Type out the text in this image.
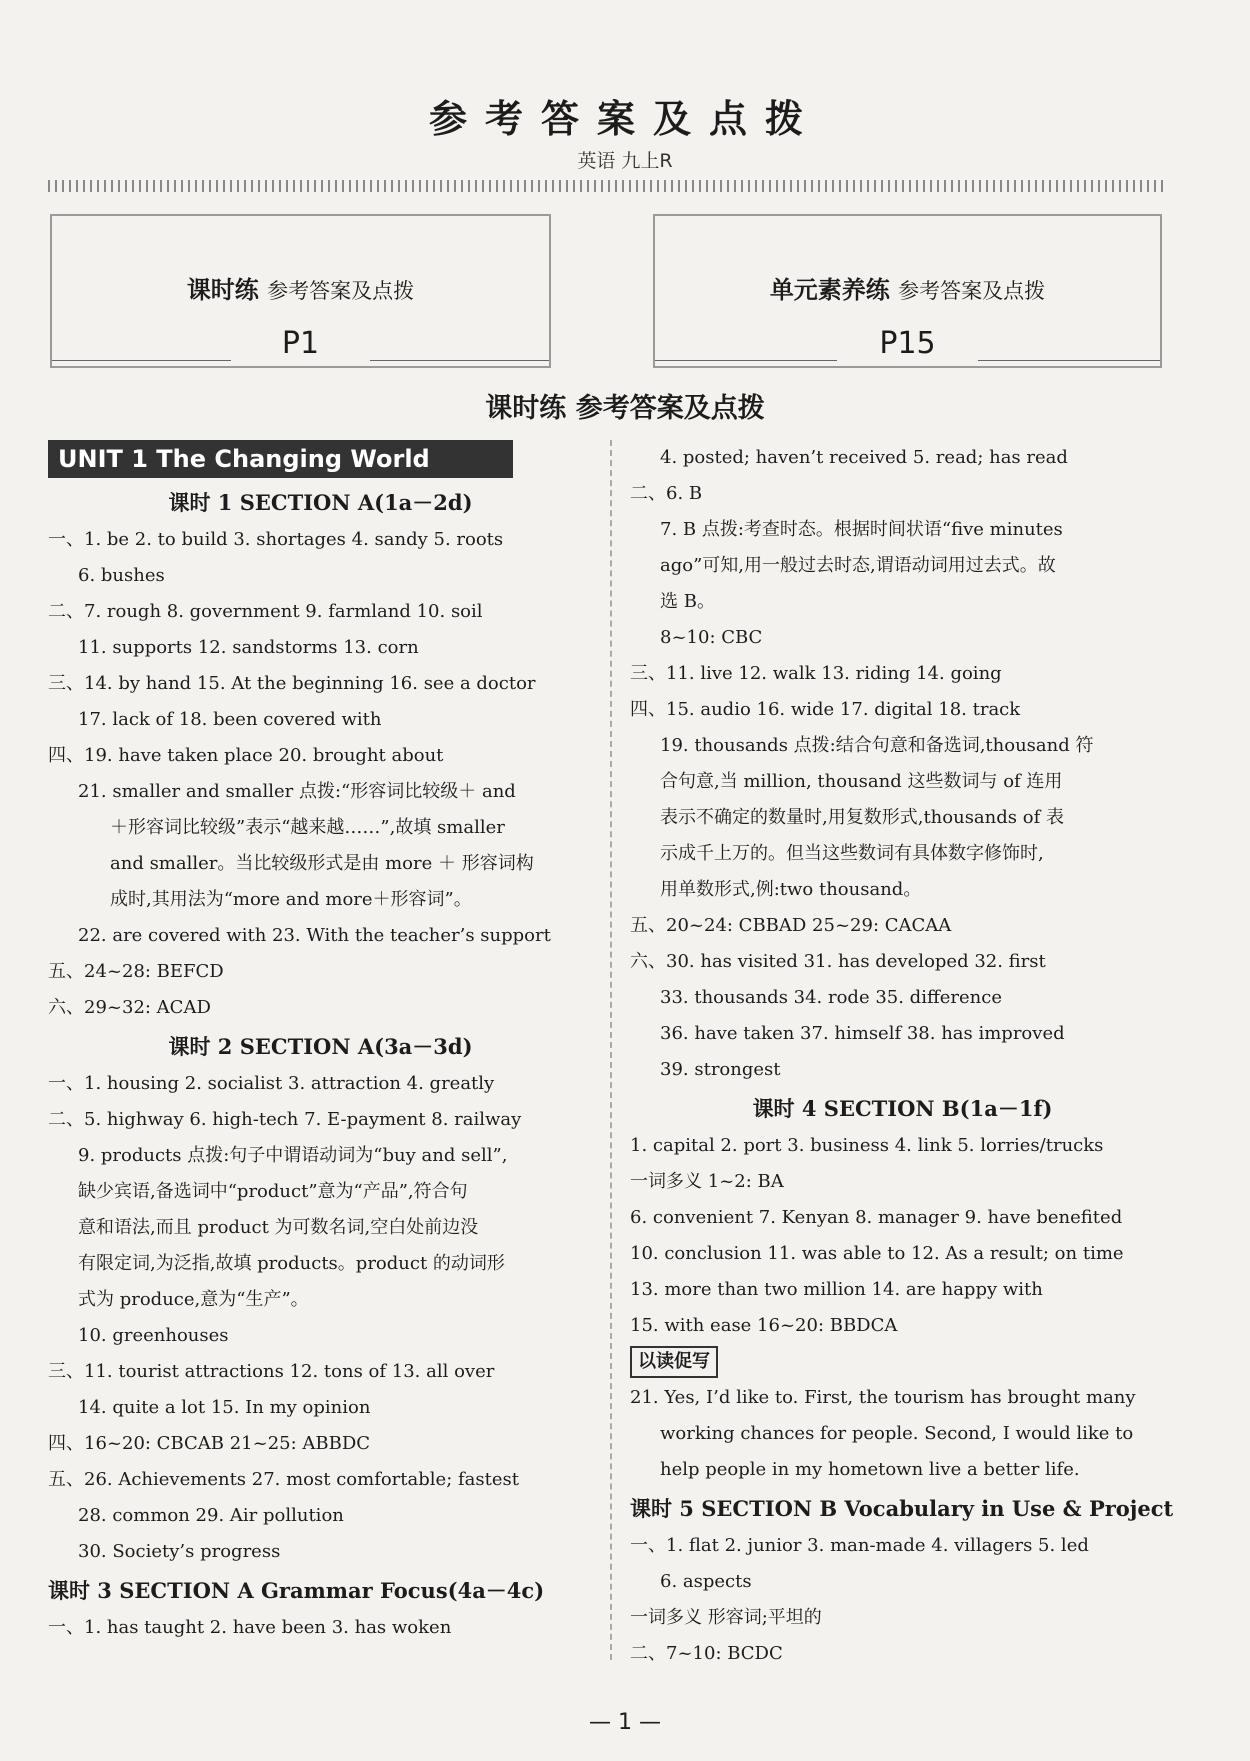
参考答案及点拨
英语 九上R
课时练 参考答案及点拨
P1
单元素养练 参考答案及点拨
P15
课时练 参考答案及点拨
UNIT 1 The Changing World
课时 1 SECTION A(1a－2d)
一、1. be 2. to build 3. shortages 4. sandy 5. roots
6. bushes
二、7. rough 8. government 9. farmland 10. soil
11. supports 12. sandstorms 13. corn
三、14. by hand 15. At the beginning 16. see a doctor
17. lack of 18. been covered with
四、19. have taken place 20. brought about
21. smaller and smaller 点拨:“形容词比较级＋ and
＋形容词比较级”表示“越来越……”,故填 smaller
and smaller。当比较级形式是由 more ＋ 形容词构
成时,其用法为“more and more＋形容词”。
22. are covered with 23. With the teacher’s support
五、24~28: BEFCD
六、29~32: ACAD
课时 2 SECTION A(3a－3d)
一、1. housing 2. socialist 3. attraction 4. greatly
二、5. highway 6. high-tech 7. E-payment 8. railway
9. products 点拨:句子中谓语动词为“buy and sell”,
缺少宾语,备选词中“product”意为“产品”,符合句
意和语法,而且 product 为可数名词,空白处前边没
有限定词,为泛指,故填 products。product 的动词形
式为 produce,意为“生产”。
10. greenhouses
三、11. tourist attractions 12. tons of 13. all over
14. quite a lot 15. In my opinion
四、16~20: CBCAB 21~25: ABBDC
五、26. Achievements 27. most comfortable; fastest
28. common 29. Air pollution
30. Society’s progress
课时 3 SECTION A Grammar Focus(4a－4c)
一、1. has taught 2. have been 3. has woken
4. posted; haven’t received 5. read; has read
二、6. B
7. B 点拨:考查时态。根据时间状语“five minutes
ago”可知,用一般过去时态,谓语动词用过去式。故
选 B。
8~10: CBC
三、11. live 12. walk 13. riding 14. going
四、15. audio 16. wide 17. digital 18. track
19. thousands 点拨:结合句意和备选词,thousand 符
合句意,当 million, thousand 这些数词与 of 连用
表示不确定的数量时,用复数形式,thousands of 表
示成千上万的。但当这些数词有具体数字修饰时,
用单数形式,例:two thousand。
五、20~24: CBBAD 25~29: CACAA
六、30. has visited 31. has developed 32. first
33. thousands 34. rode 35. difference
36. have taken 37. himself 38. has improved
39. strongest
课时 4 SECTION B(1a－1f)
1. capital 2. port 3. business 4. link 5. lorries/trucks
一词多义 1~2: BA
6. convenient 7. Kenyan 8. manager 9. have benefited
10. conclusion 11. was able to 12. As a result; on time
13. more than two million 14. are happy with
15. with ease 16~20: BBDCA
以读促写
21. Yes, I’d like to. First, the tourism has brought many
working chances for people. Second, I would like to
help people in my hometown live a better life.
课时 5 SECTION B Vocabulary in Use & Project
一、1. flat 2. junior 3. man-made 4. villagers 5. led
6. aspects
一词多义 形容词;平坦的
二、7~10: BCDC
— 1 —
